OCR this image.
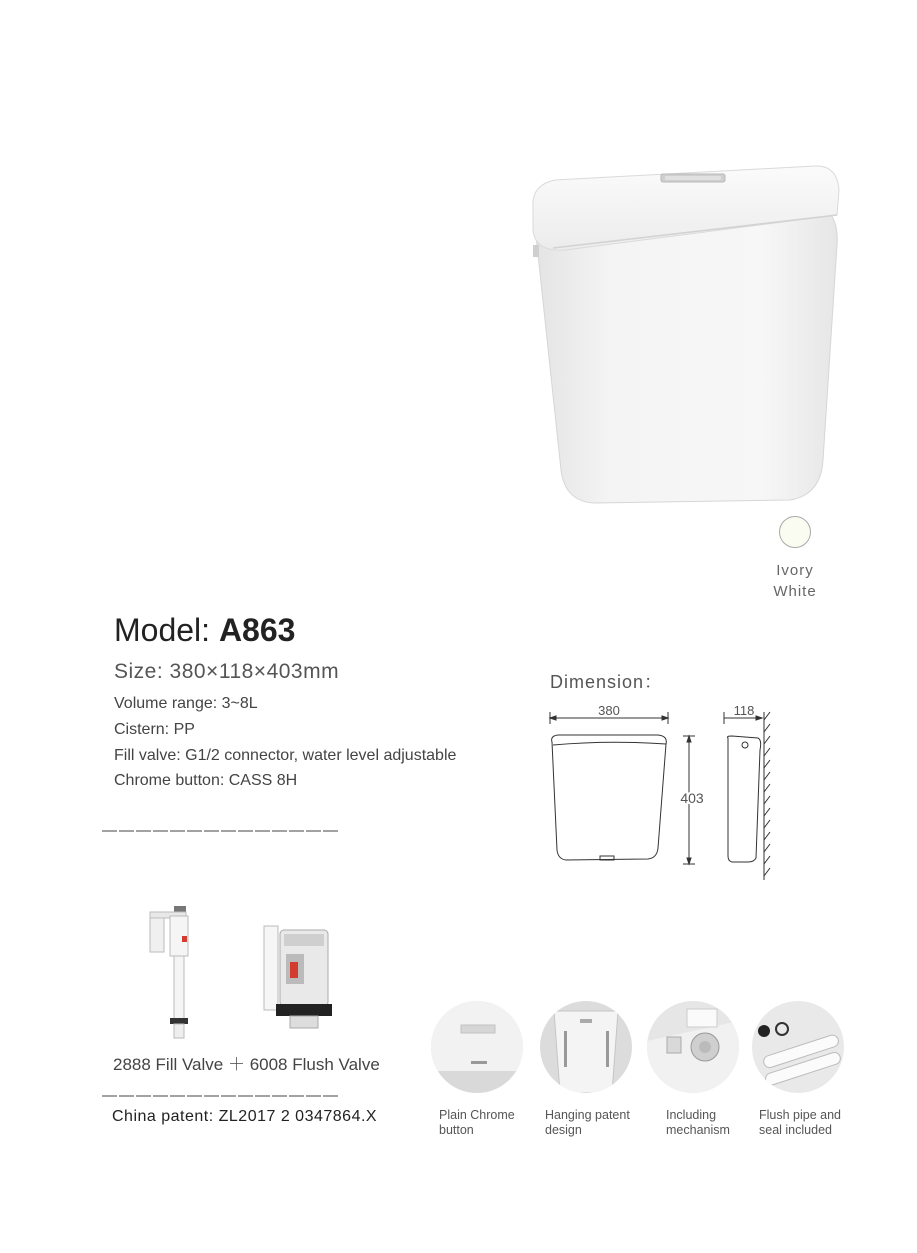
Ivory
White
Model: A863
Size: 380×118×403mm
Volume range: 3~8L
Cistern: PP
Fill valve: G1/2 connector, water level adjustable
Chrome button: CASS 8H
——————————————
Dimension：
380	118
403
2888 Fill Valve ＋ 6008 Flush Valve
——————————————
China patent: ZL2017 2 0347864.X	Plain Chrome
button
Hanging patent
design
Including
mechanism
Flush pipe and
seal included
